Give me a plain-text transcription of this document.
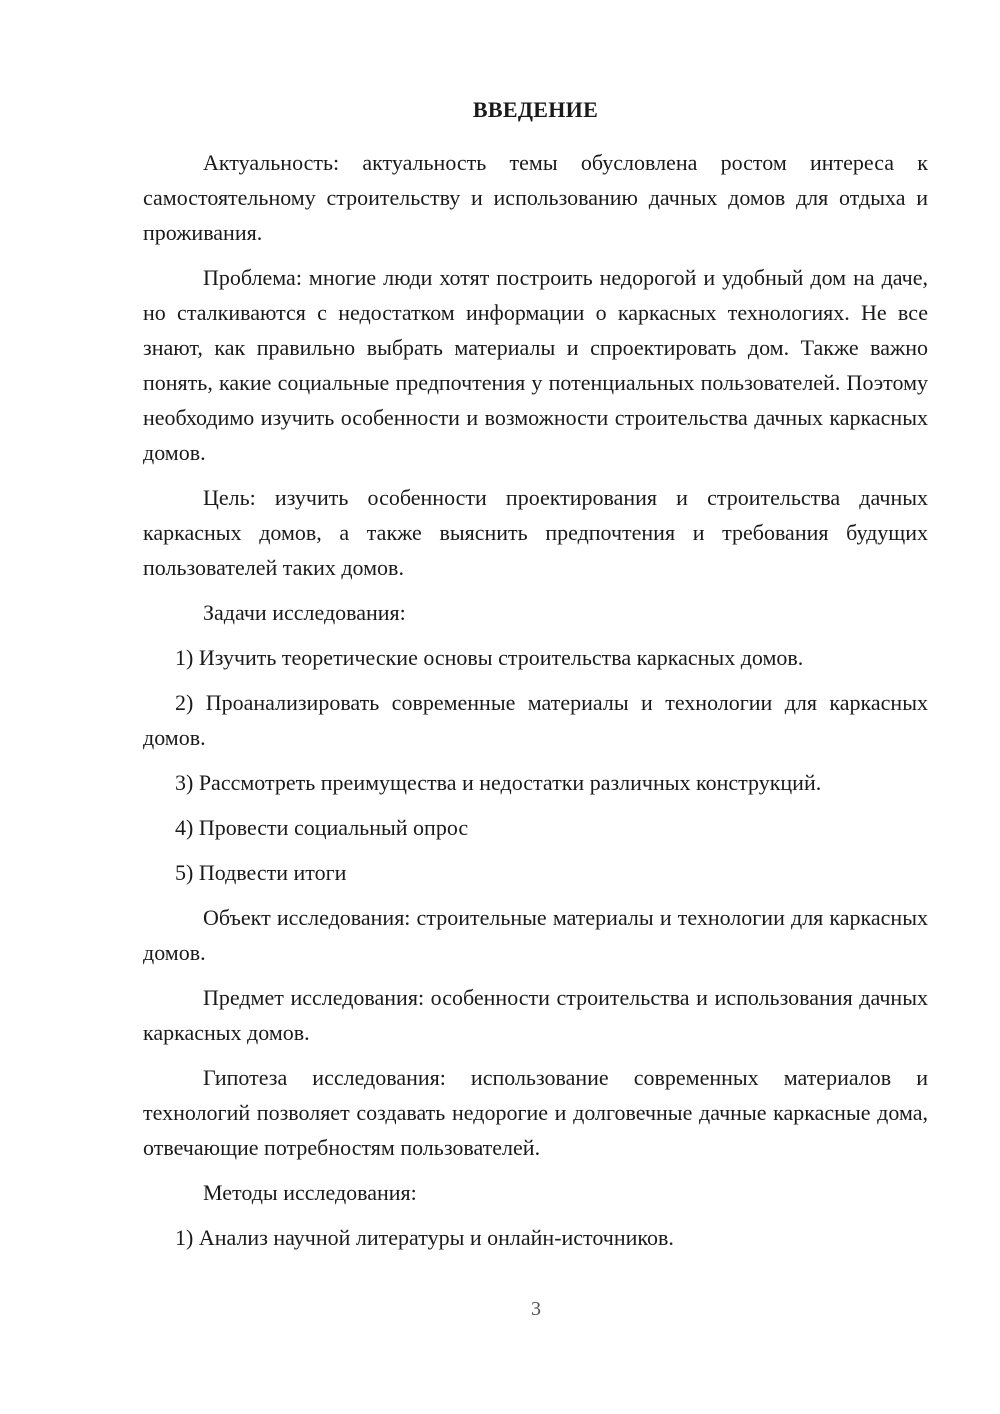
ВВЕДЕНИЕ

Актуальность: актуальность темы обусловлена ростом интереса к самостоятельному строительству и использованию дачных домов для отдыха и проживания.

Проблема: многие люди хотят построить недорогой и удобный дом на даче, но сталкиваются с недостатком информации о каркасных технологиях. Не все знают, как правильно выбрать материалы и спроектировать дом. Также важно понять, какие социальные предпочтения у потенциальных пользователей. Поэтому необходимо изучить особенности и возможности строительства дачных каркасных домов.

Цель: изучить особенности проектирования и строительства дачных каркасных домов, а также выяснить предпочтения и требования будущих пользователей таких домов.

Задачи исследования:

1) Изучить теоретические основы строительства каркасных домов.

2) Проанализировать современные материалы и технологии для каркасных домов.

3) Рассмотреть преимущества и недостатки различных конструкций.

4) Провести социальный опрос

5) Подвести итоги

Объект исследования: строительные материалы и технологии для каркасных домов.

Предмет исследования: особенности строительства и использования дачных каркасных домов.

Гипотеза исследования: использование современных материалов и технологий позволяет создавать недорогие и долговечные дачные каркасные дома, отвечающие потребностям пользователей.

Методы исследования:

1) Анализ научной литературы и онлайн-источников.

3
